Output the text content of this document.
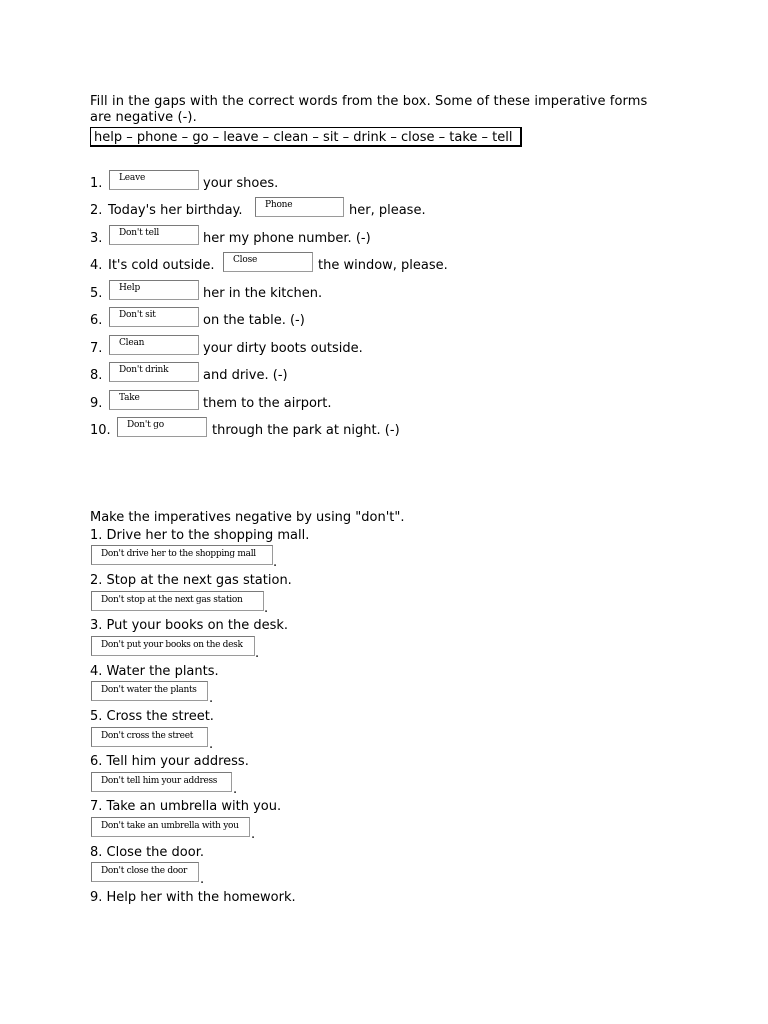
Fill in the gaps with the correct words from the box. Some of these imperative forms are negative (-).
help – phone – go – leave – clean – sit – drink – close – take – tell
1.	Leave	your shoes.
2. Today's her birthday.	Phone	her, please.
3.	Don't tell	her my phone number. (-)
4. It's cold outside.	Close	the window, please.
5.	Help	her in the kitchen.
6.	Don't sit	on the table. (-)
7.	Clean	your dirty boots outside.
8.	Don't drink	and drive. (-)
9.	Take	them to the airport.
10.	Don't go	through the park at night. (-)
Make the imperatives negative by using "don't".
1. Drive her to the shopping mall.
Don't drive her to the shopping mall
.
2. Stop at the next gas station.
Don't stop at the next gas station
.
3. Put your books on the desk.
Don't put your books on the desk
.
4. Water the plants.
Don't water the plants
.
5. Cross the street.
Don't cross the street
.
6. Tell him your address.
Don't tell him your address
.
7. Take an umbrella with you.
Don't take an umbrella with you
.
8. Close the door.
Don't close the door
.
9. Help her with the homework.
